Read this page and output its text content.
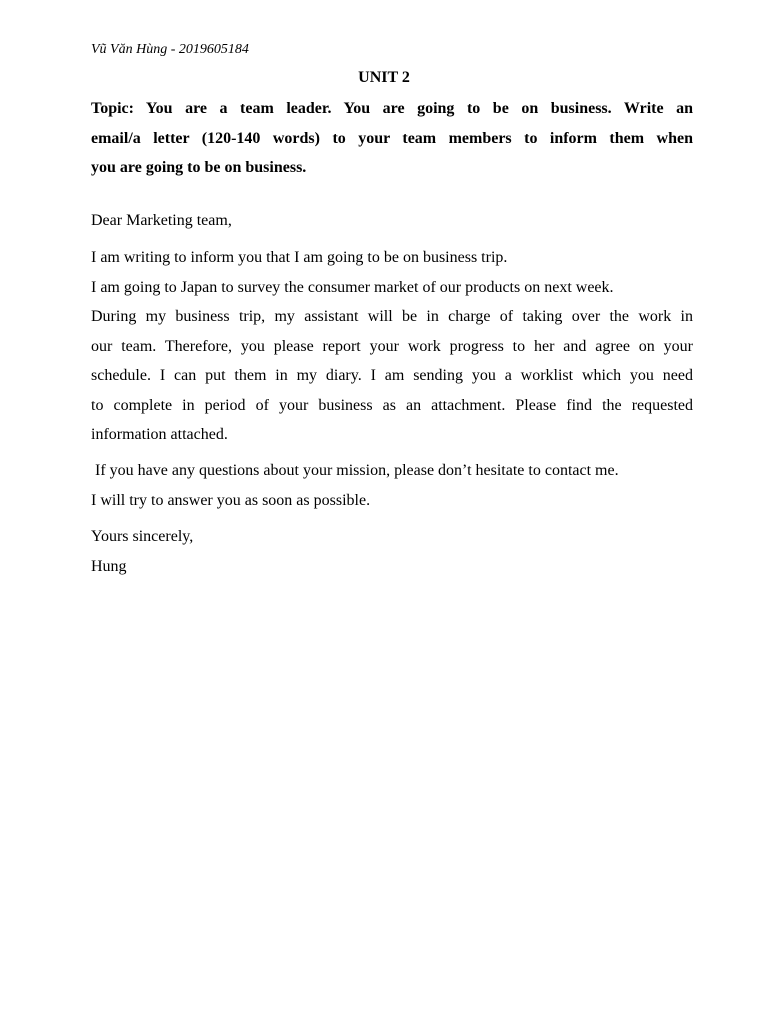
Vũ Văn Hùng - 2019605184
UNIT 2
Topic: You are a team leader. You are going to be on business. Write an
email/a letter (120-140 words) to your team members to inform them when
you are going to be on business.
Dear Marketing team,
I am writing to inform you that I am going to be on business trip.
I am going to Japan to survey the consumer market of our products on next week.
During my business trip, my assistant will be in charge of taking over the work in
our team. Therefore, you please report your work progress to her and agree on your
schedule. I can put them in my diary. I am sending you a worklist which you need
to complete in period of your business as an attachment. Please find the requested
information attached.
If you have any questions about your mission, please don’t hesitate to contact me.
I will try to answer you as soon as possible.
Yours sincerely,
Hung
